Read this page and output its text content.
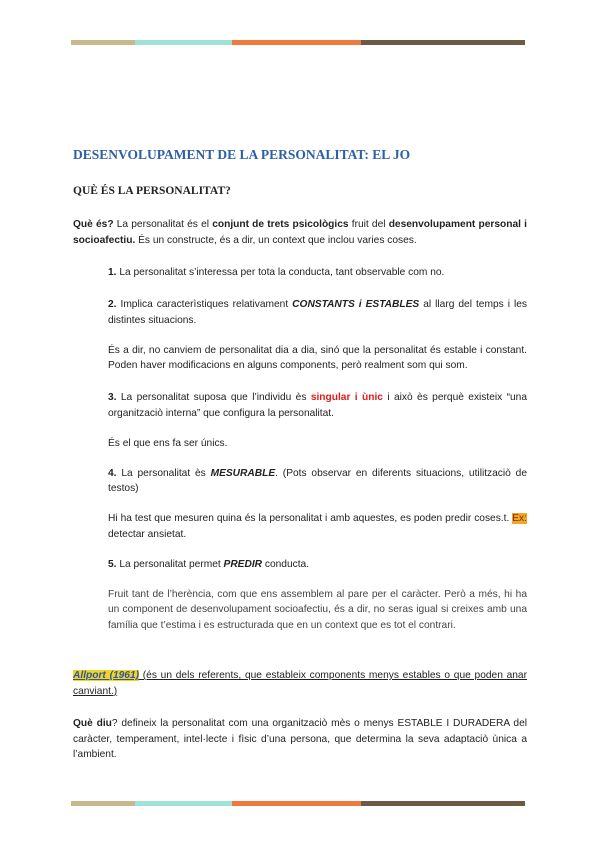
DESENVOLUPAMENT DE LA PERSONALITAT: EL JO
QUÈ ÉS LA PERSONALITAT?

Què és? La personalitat és el conjunt de trets psicològics fruit del desenvolupament personal i socioafectiu. És un constructe, és a dir, un context que inclou varies coses.

1. La personalitat s’interessa per tota la conducta, tant observable com no.

2. Implica caracterìstiques relativament CONSTANTS i ESTABLES al llarg del temps i les distintes situacions.

És a dir, no canviem de personalitat dia a dia, sinó que la personalitat és estable i constant. Poden haver modificacions en alguns components, però realment som qui som.

3. La personalitat suposa que l’individu ès singular i ùnic i això ès perquè existeix “una organitzaciò interna” que configura la personalitat.

És el que ens fa ser únics.

4. La personalitat ès MESURABLE. (Pots observar en diferents situacions, utilitzaciò de testos)

Hi ha test que mesuren quina és la personalitat i amb aquestes, es poden predir coses.t. Ex: detectar ansietat.

5. La personalitat permet PREDIR conducta.

Fruit tant de l’herència, com que ens assemblem al pare per el caràcter. Però a més, hi ha un component de desenvolupament socioafectiu, és a dir, no seras igual si creixes amb una família que t’estima i es estructurada que en un context que es tot el contrari.

Allport (1961) (és un dels referents, que estableix components menys estables o que poden anar canviant.)

Què diu? defineix la personalitat com una organitzaciò mès o menys ESTABLE I DURADERA del caràcter, temperament, intel·lecte i fìsic d’una persona, que determina la seva adaptaciò ùnica a l’ambient.
